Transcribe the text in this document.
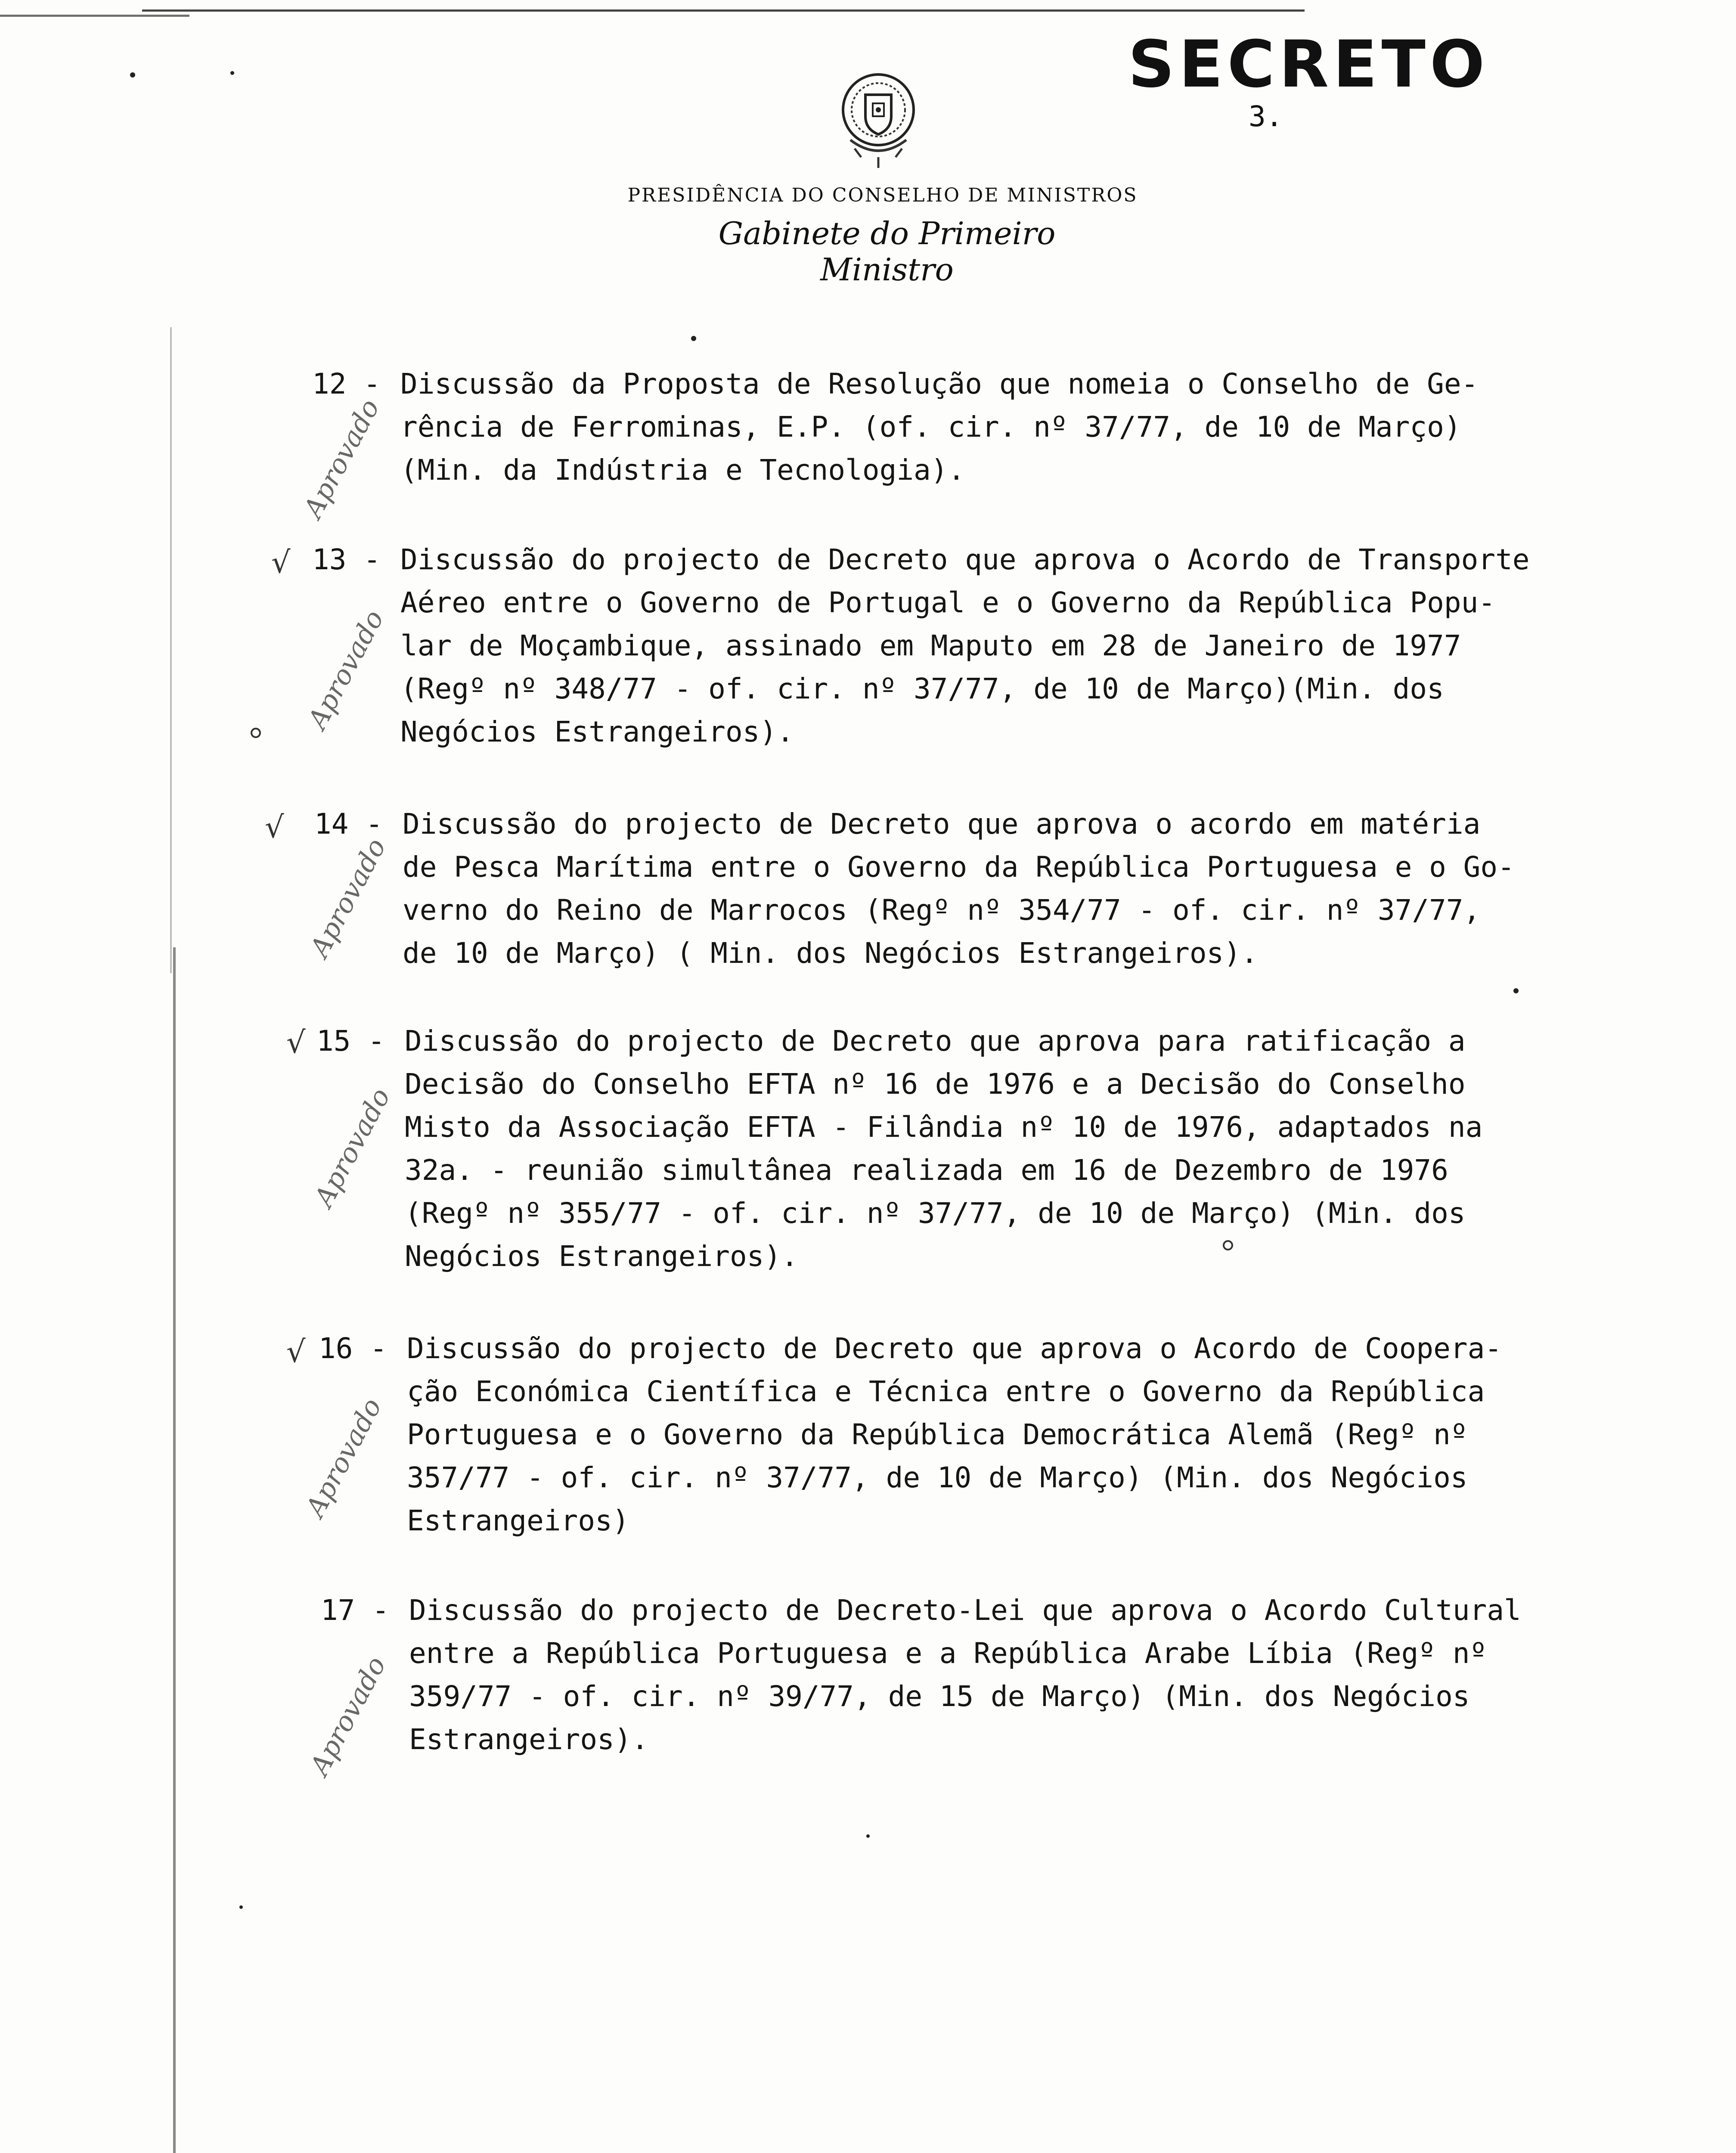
SECRETO
3.
PRESIDÊNCIA DO CONSELHO DE MINISTROS
Gabinete do Primeiro Ministro
12 - Discussão da Proposta de Resolução que nomeia o Conselho de Ge-
rência de Ferrominas, E.P. (of. cir. nº 37/77, de 10 de Março)
(Min. da Indústria e Tecnologia).
Aprovado
√ 13 - Discussão do projecto de Decreto que aprova o Acordo de Transporte
Aéreo entre o Governo de Portugal e o Governo da República Popu-
lar de Moçambique, assinado em Maputo em 28 de Janeiro de 1977
(Regº nº 348/77 - of. cir. nº 37/77, de 10 de Março)(Min. dos
Negócios Estrangeiros).
Aprovado
√ 14 - Discussão do projecto de Decreto que aprova o acordo em matéria
de Pesca Marítima entre o Governo da República Portuguesa e o Go-
verno do Reino de Marrocos (Regº nº 354/77 - of. cir. nº 37/77,
de 10 de Março) ( Min. dos Negócios Estrangeiros).
Aprovado
√ 15 - Discussão do projecto de Decreto que aprova para ratificação a
Decisão do Conselho EFTA nº 16 de 1976 e a Decisão do Conselho
Misto da Associação EFTA - Filândia nº 10 de 1976, adaptados na
32a. - reunião simultânea realizada em 16 de Dezembro de 1976
(Regº nº 355/77 - of. cir. nº 37/77, de 10 de Março) (Min. dos
Negócios Estrangeiros).
Aprovado
√ 16 - Discussão do projecto de Decreto que aprova o Acordo de Coopera-
ção Económica Científica e Técnica entre o Governo da República
Portuguesa e o Governo da República Democrática Alemã (Regº nº
357/77 - of. cir. nº 37/77, de 10 de Março) (Min. dos Negócios
Estrangeiros)
Aprovado
17 - Discussão do projecto de Decreto-Lei que aprova o Acordo Cultural
entre a República Portuguesa e a República Arabe Líbia (Regº nº
359/77 - of. cir. nº 39/77, de 15 de Março) (Min. dos Negócios
Estrangeiros).
Aprovado
